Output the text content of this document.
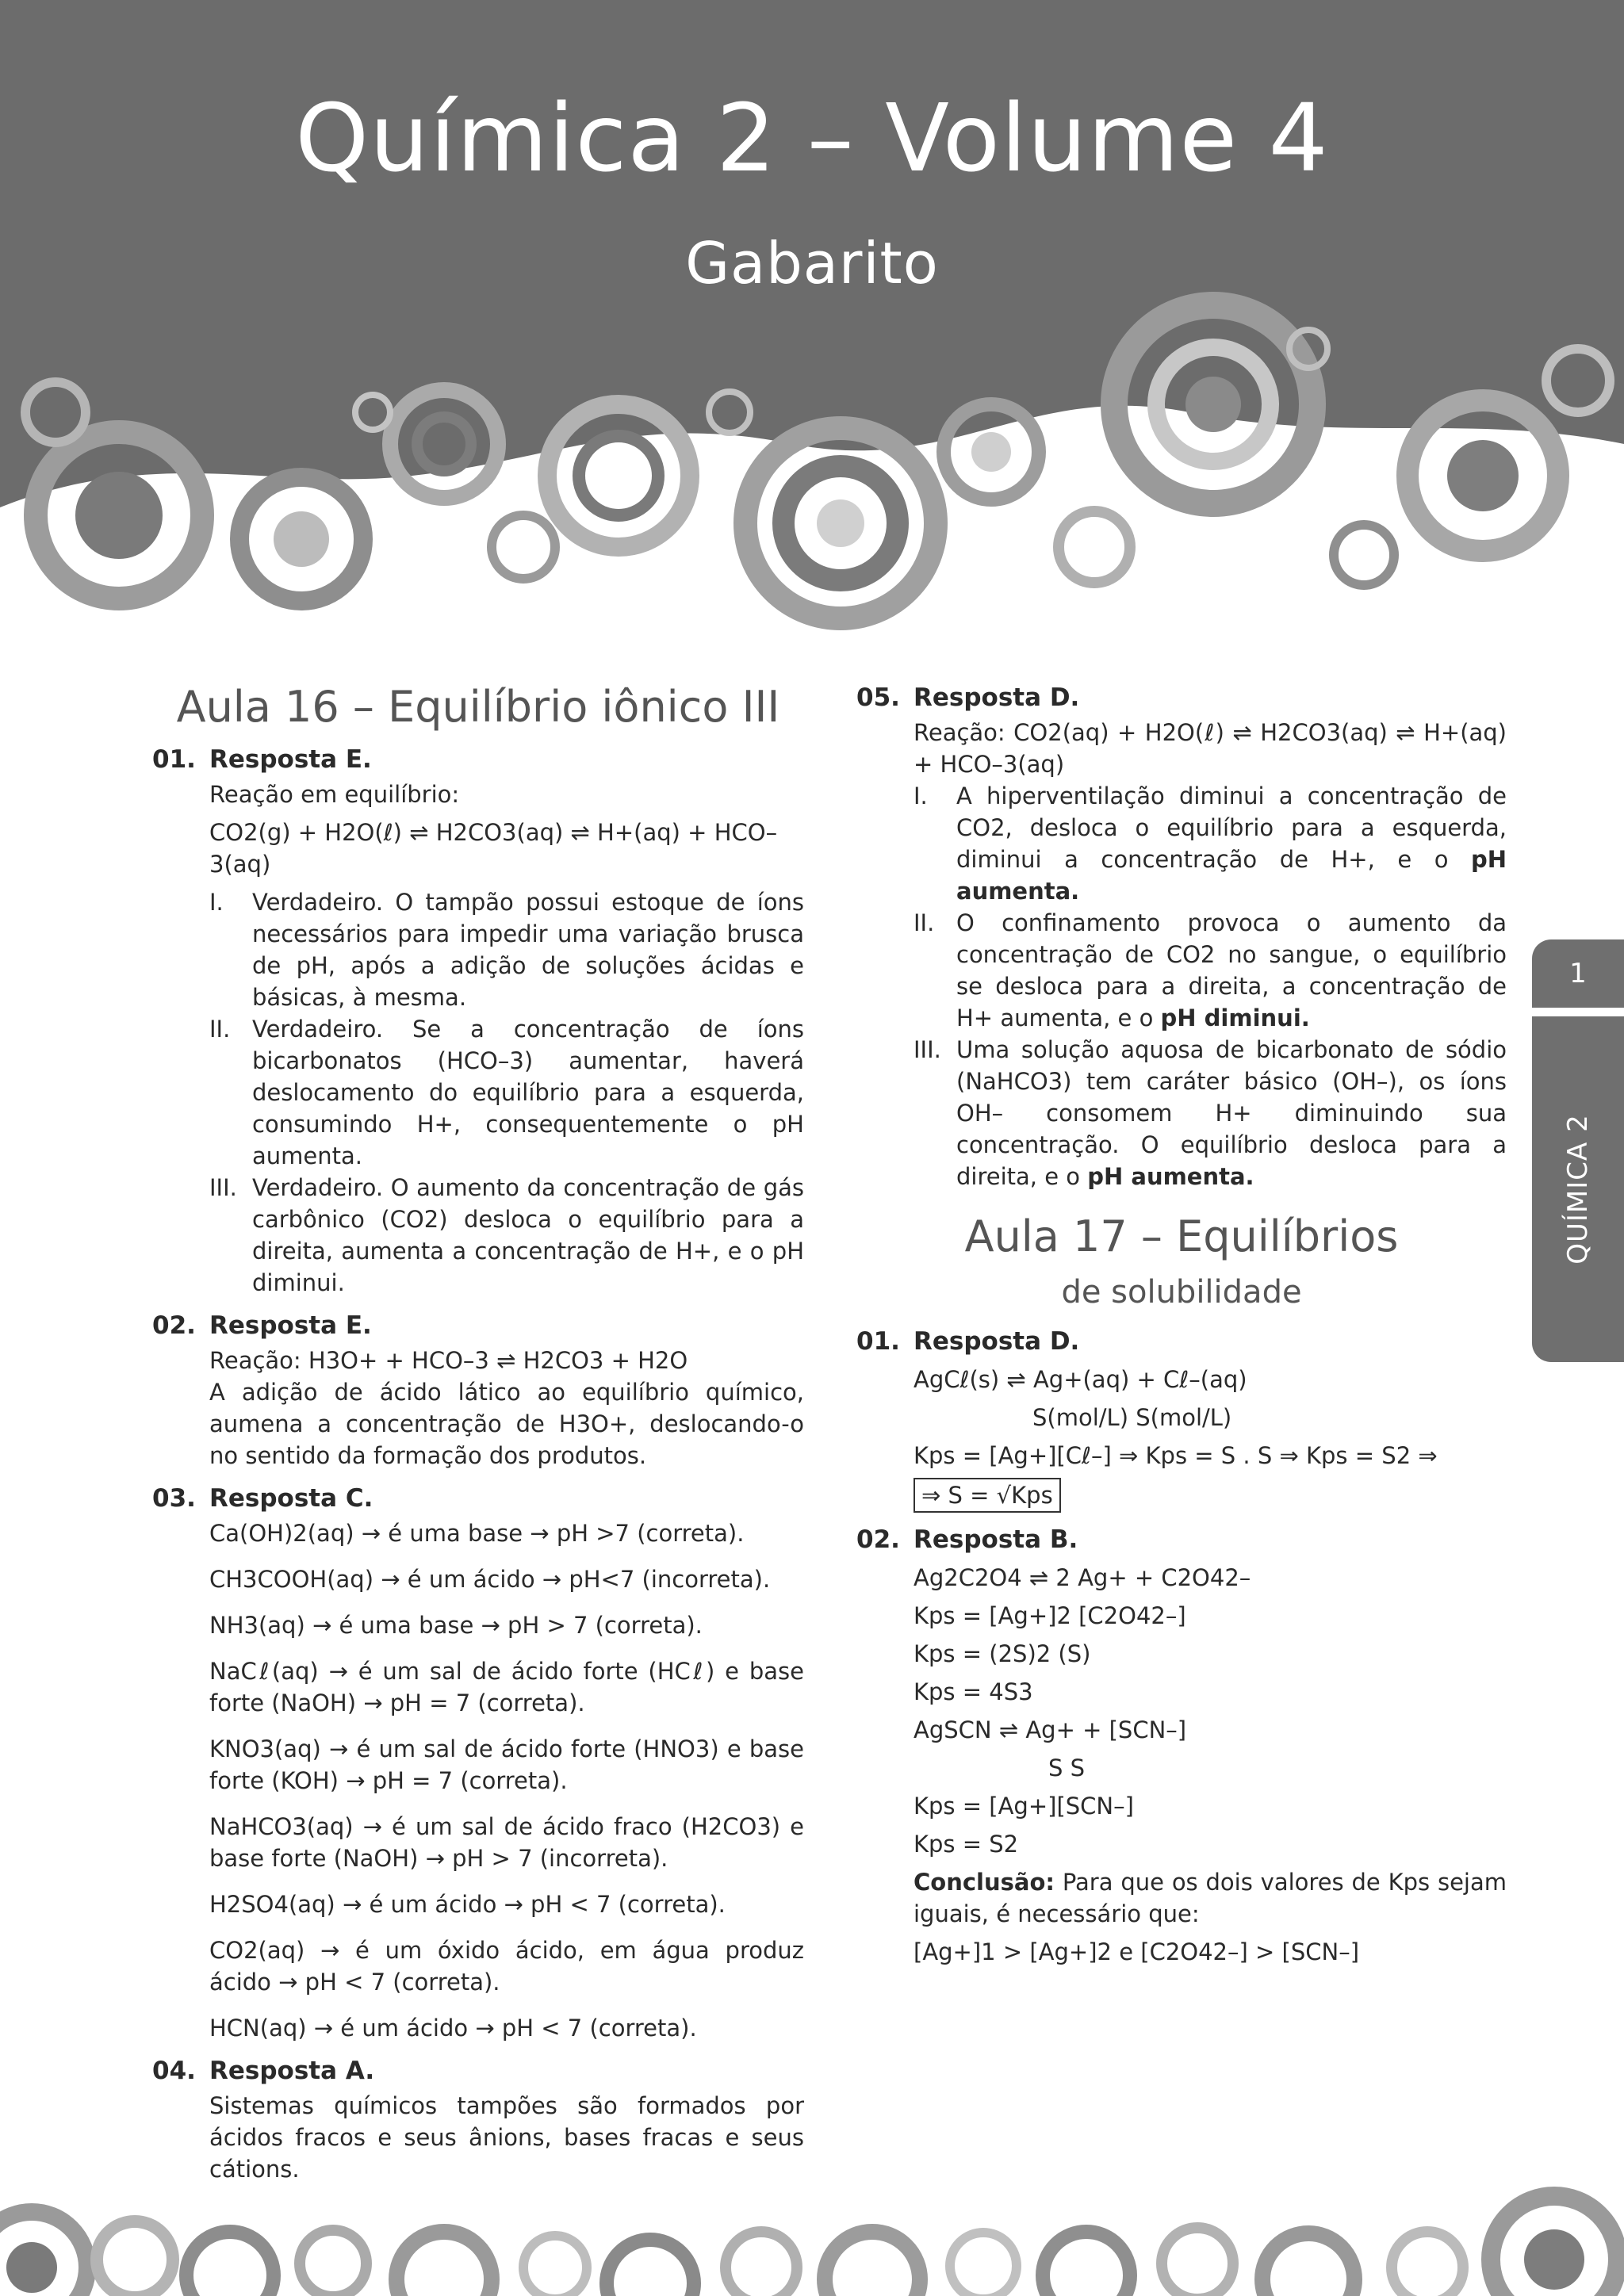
Química 2 – Volume 4
Gabarito
1
QUÍMICA 2
Aula 16 – Equilíbrio iônico III
01. Resposta E.

Reação em equilíbrio:

CO2(g) + H2O(ℓ) ⇌ H2CO3(aq) ⇌ H+(aq) + HCO–3(aq)

I.	Verdadeiro. O tampão possui estoque de íons necessários para impedir uma variação brusca de pH, após a adição de soluções ácidas e básicas, à mesma.
II. Verdadeiro. Se a concentração de íons bicarbonatos (HCO–3) aumentar, haverá deslocamento do equilíbrio para a esquerda, consumindo H+, consequentemente o pH aumenta.
III. Verdadeiro. O aumento da concentração de gás carbônico (CO2) desloca o equilíbrio para a direita, aumenta a concentração de H+, e o pH diminui.
02. Resposta E.

Reação: H3O+ + HCO–3 ⇌ H2CO3 + H2O

A adição de ácido lático ao equilíbrio químico, aumena a concentração de H3O+, deslocando-o no sentido da formação dos produtos.

03. Resposta C.

Ca(OH)2(aq) → é uma base → pH >7 (correta).

CH3COOH(aq) → é um ácido → pH<7 (incorreta).

NH3(aq) → é uma base → pH > 7 (correta).

NaCℓ(aq) → é um sal de ácido forte (HCℓ) e base forte (NaOH) → pH = 7 (correta).

KNO3(aq) → é um sal de ácido forte (HNO3) e base forte (KOH) → pH = 7 (correta).

NaHCO3(aq) → é um sal de ácido fraco (H2CO3) e base forte (NaOH) → pH > 7 (incorreta).

H2SO4(aq) → é um ácido → pH < 7 (correta).

CO2(aq) → é um óxido ácido, em água produz ácido → pH < 7 (correta).

HCN(aq) → é um ácido → pH < 7 (correta).

04. Resposta A.

Sistemas químicos tampões são formados por ácidos fracos e seus ânions, bases fracas e seus cátions.

05. Resposta D.

Reação: CO2(aq) + H2O(ℓ) ⇌ H2CO3(aq) ⇌ H+(aq) + HCO–3(aq)

I.	A hiperventilação diminui a concentração de CO2, desloca o equilíbrio para a esquerda, diminui a concentração de H+, e o pH aumenta.
II. O confinamento provoca o aumento da concentração de CO2 no sangue, o equilíbrio se desloca para a direita, a concentração de H+ aumenta, e o pH diminui.
III. Uma solução aquosa de bicarbonato de sódio (NaHCO3) tem caráter básico (OH–), os íons OH– consomem H+ diminuindo sua concentração. O equilíbrio desloca para a direita, e o pH aumenta.
Aula 17 – Equilíbrios
de solubilidade
01. Resposta D.

AgCℓ(s) ⇌ Ag+(aq) + Cℓ–(aq)

S(mol/L) S(mol/L)

Kps = [Ag+][Cℓ–] ⇒ Kps = S . S ⇒ Kps = S2 ⇒

⇒ S = √Kps

02. Resposta B.

Ag2C2O4 ⇌ 2 Ag+ + C2O42–

Kps = [Ag+]2 [C2O42–]

Kps = (2S)2 (S)

Kps = 4S3

AgSCN ⇌ Ag+ + [SCN–]

S S

Kps = [Ag+][SCN–]

Kps = S2

Conclusão: Para que os dois valores de Kps sejam iguais, é necessário que:

[Ag+]1 > [Ag+]2 e [C2O42–] > [SCN–]
